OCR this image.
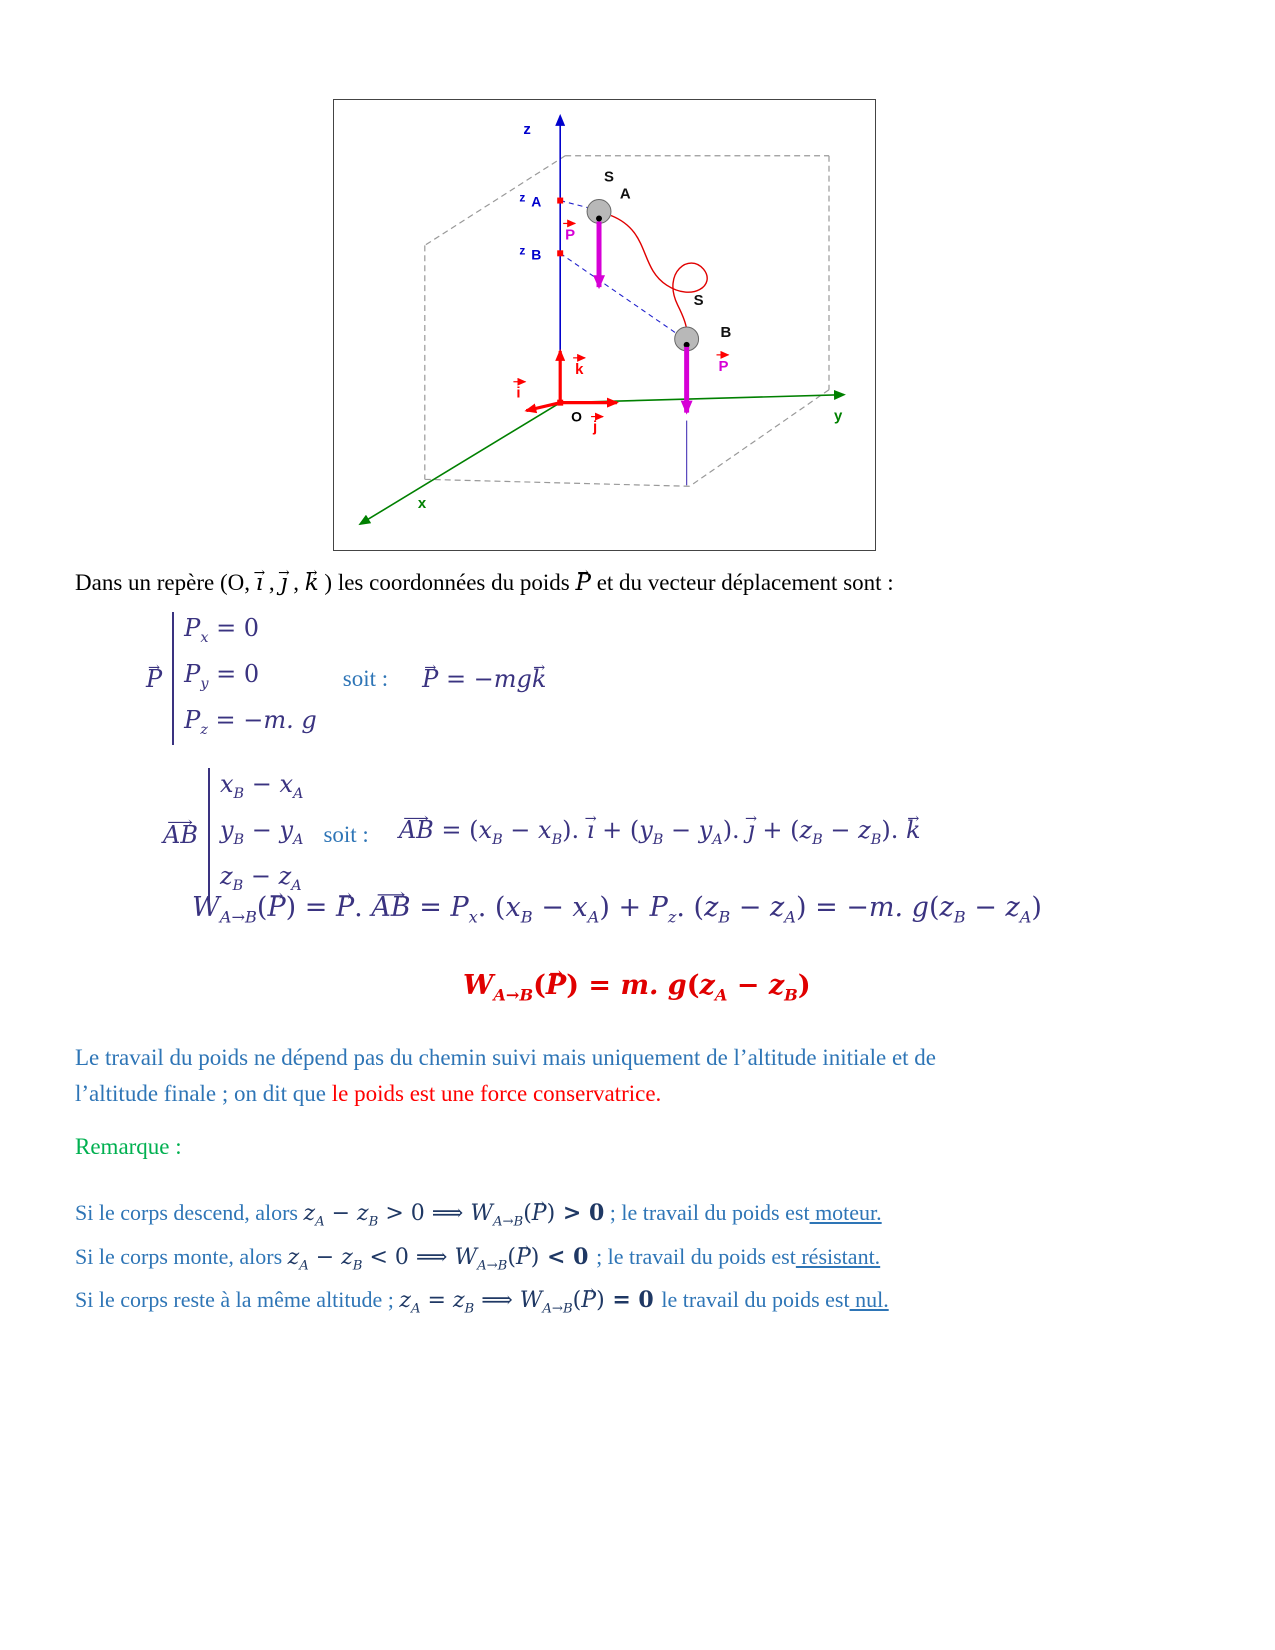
z
y
x
O
z A
z B
S
A
S
B
P
P
k
j
i
Dans un repère (O, → ı , → ȷ , → k ) les coordonnées du poids → P et du vecteur déplacement sont :
→ P
$P_x = 0$
$P_y = 0$
$P_z = -m$. g
soit : → P = −mg→ k
⟶ AB
$x_B - x_A$
$y_B - y_A$
$z_B - z_A$
soit : ⟶ AB = $(x_B - x_B)$. → ı + $(y_B - y_A)$. → ȷ + $(z_B - z_B)$. → k
$W_{A\to B}(\to P)$ = → P. ⟶ AB = $P_x$. $(x_B - x_A) + P_z$. $(z_B - z_A) = -m$. $g(z_B - z_A)$
$W_{A\to B}(\to P) = m$. $g(z_A - z_B)$
Le travail du poids ne dépend pas du chemin suivi mais uniquement de l’altitude initiale et de
l’altitude finale ; on dit que le poids est une force conservatrice.
Remarque :
Si le corps descend, alors $z_A - z_B > 0$ ⟹ $W_{A\to B}(\to P) > 0$ ; le travail du poids est moteur.
Si le corps monte, alors $z_A - z_B < 0$ ⟹ $W_{A\to B}(\to P) < 0$ ; le travail du poids est résistant.
Si le corps reste à la même altitude ; $z_A = z_B$ ⟹ $W_{A\to B}(\to P) = 0$ le travail du poids est nul.
